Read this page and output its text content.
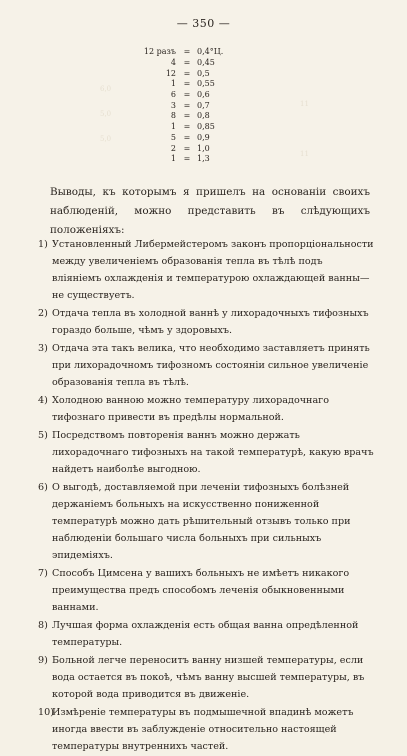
— 350 —
6,0
5,0
5,0
11
11
12 разъ = 0,4°Ц.
4 = 0,45
12 = 0,5
1 = 0,55
6 = 0,6
3 = 0,7
8 = 0,8
1 = 0,85
5 = 0,9
2 = 1,0
1 = 1,3

Выводы, къ которымъ я пришелъ на основаніи своихъ наблюденій, можно представить въ слѣдующихъ положеніяхъ:

1) Установленный Либермейстеромъ законъ пропорціональности между увеличеніемъ образованія тепла въ тѣлѣ подъ вліяніемъ охлажденія и температурою охлаждающей ванны—не существуетъ.
2) Отдача тепла въ холодной ваннѣ у лихорадочныхъ тифозныхъ гораздо больше, чѣмъ у здоровыхъ.
3) Отдача эта такъ велика, что необходимо заставляетъ принять при лихорадочномъ тифозномъ состояніи сильное увеличеніе образованія тепла въ тѣлѣ.
4) Холодною ванною можно температуру лихорадочнаго тифознаго привести въ предѣлы нормальной.
5) Посредствомъ повторенія ваннъ можно держать лихорадочнаго тифозныхъ на такой температурѣ, какую врачъ найдетъ наиболѣе выгодною.
6) О выгодѣ, доставляемой при леченіи тифозныхъ болѣзней держаніемъ больныхъ на искусственно пониженной температурѣ можно дать рѣшительный отзывъ только при наблюденіи большаго числа больныхъ при сильныхъ эпидеміяхъ.
7) Способъ Цимсена у вашихъ больныхъ не имѣетъ никакого преимущества предъ способомъ леченія обыкновенными ваннами.
8) Лучшая форма охлажденія есть общая ванна опредѣленной температуры.
9) Больной легче переноситъ ванну низшей температуры, если вода остается въ покоѣ, чѣмъ ванну высшей температуры, въ которой вода приводится въ движеніе.
10)
Измѣреніе температуры въ подмышечной впадинѣ можетъ иногда ввести въ заблужденіе относительно настоящей температуры внутреннихъ частей.
